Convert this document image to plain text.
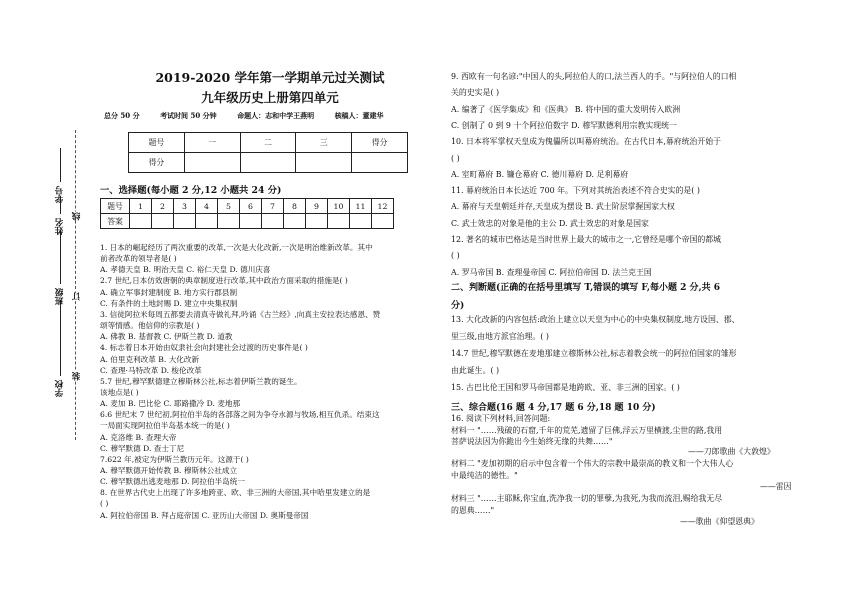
学校
班级
姓名
学号
装
订
线
2019-2020 学年第一学期单元过关测试
九年级历史上册第四单元
总分 50 分	考试时间 50 分钟	命题人：志和中学王燕明	核稿人：董建华
题号	一	二	三	得分
得分				
一、选择题(每小题 2 分,12 小题共 24 分)
题号	1	2	3	4	5	6	7	8	9	10	11	12
答案												
1. 日本的崛起经历了两次重要的改革,一次是大化改新,一次是明治维新改革。其中
前者改革的领导者是( )
A. 孝德天皇 B. 明治天皇 C. 裕仁天皇 D. 德川庆喜
2.7 世纪,日本仿效唐朝的典章制度进行改革,其中政治方面采取的措施是( )
A. 确立军事封建制度 B. 地方实行郡县制
C. 有条件的土地封赐 D. 建立中央集权制
3. 信徒阿拉米每周五都要去清真寺做礼拜,吟诵《古兰经》,向真主安拉表达感恩、赞
颂等情感。他信仰的宗教是( )
A. 佛教 B. 基督教 C. 伊斯兰教 D. 道教
4. 标志着日本开始由奴隶社会向封建社会过渡的历史事件是( )
A. 伯里克利改革 B. 大化改新
C. 查理·马特改革 D. 梭伦改革
5.7 世纪,穆罕默德建立穆斯林公社,标志着伊斯兰教的诞生。
该地点是( )
A. 麦加 B. 巴比伦 C. 耶路撒冷 D. 麦地那
6.6 世纪末 7 世纪初,阿拉伯半岛的各部落之间为争夺水源与牧场,相互仇杀。结束这
一局面实现阿拉伯半岛基本统一的是( )
A. 克洛维 B. 查理大帝
C. 穆罕默德 D. 查士丁尼
7.622 年,被定为伊斯兰教历元年。这源于( )
A. 穆罕默德开始传教 B. 穆斯林公社成立
C. 穆罕默德出逃麦地那 D. 阿拉伯半岛统一
8. 在世界古代史上出现了许多地跨亚、欧、非三洲的大帝国,其中哈里发建立的是
( )
A. 阿拉伯帝国 B. 拜占庭帝国 C. 亚历山大帝国 D. 奥斯曼帝国
9. 西欧有一句名谚:"中国人的头,阿拉伯人的口,法兰西人的手。"与阿拉伯人的口相
关的史实是( )
A. 编著了《医学集成》和《医典》 B. 将中国的重大发明传入欧洲
C. 创制了 0 到 9 十个阿拉伯数字 D. 穆罕默德利用宗教实现统一
10. 日本将军掌权天皇成为傀儡所以叫幕府统治。在古代日本,幕府统治开始于
( )
A. 室町幕府 B. 镰仓幕府 C. 德川幕府 D. 足利幕府
11. 幕府统治日本长达近 700 年。下列对其统治表述不符合史实的是( )
A. 幕府与天皇朝廷并存,天皇成为摆设 B. 武士阶层掌握国家大权
C. 武士效忠的对象是他的主公 D. 武士效忠的对象是国家
12. 著名的城市巴格达是当时世界上最大的城市之一,它曾经是哪个帝国的都城
( )
A. 罗马帝国 B. 查理曼帝国 C. 阿拉伯帝国 D. 法兰克王国
二、判断题(正确的在括号里填写 T,错误的填写 F,每小题 2 分,共 6
分)
13. 大化改新的内容包括:政治上建立以天皇为中心的中央集权制度,地方设国、郡、
里三级,由地方派官治理。( )
14.7 世纪,穆罕默德在麦地那建立穆斯林公社,标志着教会统一的阿拉伯国家的雏形
由此诞生。( )
15. 古巴比伦王国和罗马帝国都是地跨欧、亚、非三洲的国家。( )
三、综合题(16 题 4 分,17 题 6 分,18 题 10 分)
16. 阅读下列材料,回答问题:
材料一 "……残破的石窟,千年的荒芜,遗留了巨佛,浮云万里横渡,尘世的路,我用
菩萨说法因为你跪出今生始终无缘的共舞……"
——刀郎歌曲《大敦煌》
材料二 "麦加初期的启示中包含着一个伟大的宗教中最崇高的教义和一个大伟人心
中最纯洁的德性。"
——雷因
材料三 "……主耶稣,你宝血,洗净我一切的罪孽,为我死,为我而流泪,赐给我无尽
的恩典……"
——歌曲《仰望恩典》
